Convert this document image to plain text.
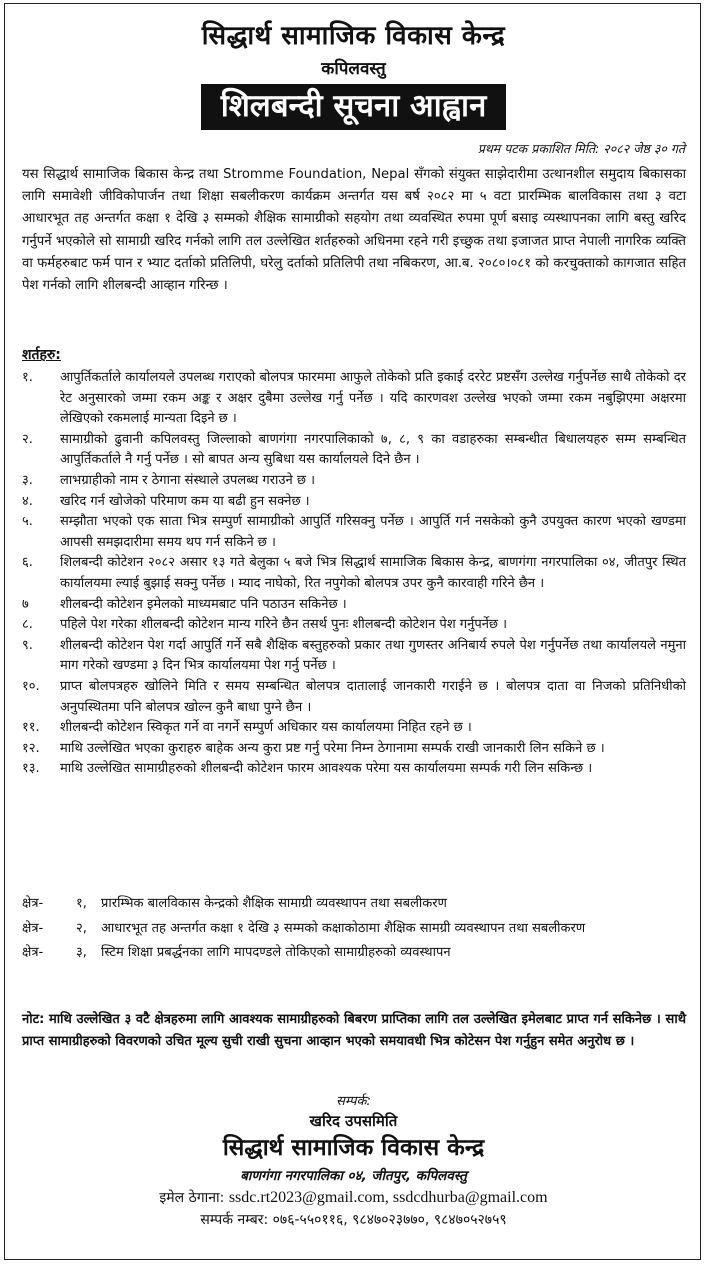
सिद्धार्थ सामाजिक विकास केन्द्र
कपिलवस्तु
शिलबन्दी सूचना आह्वान
प्रथम पटक प्रकाशित मिति: २०८२ जेष्ठ ३० गते
यस सिद्धार्थ सामाजिक बिकास केन्द्र तथा Stromme Foundation, Nepal सँगको संयुक्त साझेदारीमा उत्थानशील समुदाय बिकासका लागि समावेशी जीविकोपार्जन तथा शिक्षा सबलीकरण कार्यक्रम अन्तर्गत यस बर्ष २०८२ मा ५ वटा प्रारम्भिक बालविकास तथा ३ वटा आधारभूत तह अन्तर्गत कक्षा १ देखि ३ सम्मको शैक्षिक सामाग्रीको सहयोग तथा व्यवस्थित रुपमा पूर्ण बसाइ व्यस्थापनका लागि बस्तु खरिद गर्नुपर्ने भएकोले सो सामाग्री खरिद गर्नको लागि तल उल्लेखित शर्तहरुको अधिनमा रहने गरी इच्छुक तथा इजाजत प्राप्त नेपाली नागरिक व्यक्ति वा फर्महरुबाट फर्म पान र भ्याट दर्ताको प्रतिलिपी, घरेलु दर्ताको प्रतिलिपी तथा नबिकरण, आ.ब. २०८०।०८१ को करचुक्ताको कागजात सहित पेश गर्नको लागि शीलबन्दी आव्हान गरिन्छ ।
शर्तहरु:
१.	आपुर्तिकर्ताले कार्यालयले उपलब्ध गराएको बोलपत्र फारममा आफुले तोकेको प्रति इकाई दररेट प्रष्टसँग उल्लेख गर्नुपर्नेछ साथै तोकेको दर रेट अनुसारको जम्मा रकम अङ्क र अक्षर दुबैमा उल्लेख गर्नु पर्नेछ । यदि कारणवश उल्लेख भएको जम्मा रकम नबुझिएमा अक्षरमा लेखिएको रकमलाई मान्यता दिइने छ ।
२.	सामाग्रीको ढुवानी कपिलवस्तु जिल्लाको बाणगंगा नगरपालिकाको ७, ८, ९ का वडाहरुका सम्बन्धीत बिधालयहरु सम्म सम्बन्धित आपुर्तिकर्ताले नै गर्नु पर्नेछ । सो बापत अन्य सुबिधा यस कार्यालयले दिने छैन ।
३.	लाभग्राहीको नाम र ठेगाना संस्थाले उपलब्ध गराउने छ ।
४.	खरिद गर्न खोजेको परिमाण कम या बढी हुन सक्नेछ ।
५.	सम्झौता भएको एक साता भित्र सम्पुर्ण सामाग्रीको आपुर्ति गरिसक्नु पर्नेछ । आपुर्ति गर्न नसकेको कुनै उपयुक्त कारण भएको खण्डमा आपसी समझदारीमा समय थप गर्न सकिने छ ।
६.	शिलबन्दी कोटेशन २०८२ असार १३ गते बेलुका ५ बजे भित्र सिद्धार्थ सामाजिक बिकास केन्द्र, बाणगंगा नगरपालिका ०४, जीतपुर स्थित कार्यालयमा ल्याई बुझाई सक्नु पर्नेछ । म्याद नाघेको, रित नपुगेको बोलपत्र उपर कुनै कारवाही गरिने छैन ।
७	शीलबन्दी कोटेशन इमेलको माध्यमबाट पनि पठाउन सकिनेछ ।
८.	पहिले पेश गरेका शीलबन्दी कोटेशन मान्य गरिने छैन तसर्थ पुनः शीलबन्दी कोटेशन पेश गर्नुपर्नेछ ।
९.	शीलबन्दी कोटेशन पेश गर्दा आपुर्ति गर्ने सबै शैक्षिक बस्तुहरुको प्रकार तथा गुणस्तर अनिबार्य रुपले पेश गर्नुपर्नेछ तथा कार्यालयले नमुना माग गरेको खण्डमा ३ दिन भित्र कार्यालयमा पेश गर्नु पर्नेछ ।
१०.	प्राप्त बोलपत्रहरु खोलिने मिति र समय सम्बन्धित बोलपत्र दातालाई जानकारी गराईने छ । बोलपत्र दाता वा निजको प्रतिनिधीको अनुपस्थितमा पनि बोलपत्र खोल्न कुनै बाधा पुग्ने छैन ।
११.	शीलबन्दी कोटेशन स्विकृत गर्ने वा नगर्ने सम्पुर्ण अधिकार यस कार्यालयमा निहित रहने छ ।
१२.	माथि उल्लेखित भएका कुराहरु बाहेक अन्य कुरा प्रष्ट गर्नु परेमा निम्न ठेगानामा सम्पर्क राखी जानकारी लिन सकिने छ ।
१३.	माथि उल्लेखित सामाग्रीहरुको शीलबन्दी कोटेशन फारम आवश्यक परेमा यस कार्यालयमा सम्पर्क गरी लिन सकिन्छ ।
क्षेत्र-	१,	प्रारम्भिक बालविकास केन्द्रको शैक्षिक सामाग्री व्यवस्थापन तथा सबलीकरण
क्षेत्र-	२,	आधारभूत तह अन्तर्गत कक्षा १ देखि ३ सम्मको कक्षाकोठामा शैक्षिक सामग्री व्यवस्थापन तथा सबलीकरण
क्षेत्र-	३,	स्टिम शिक्षा प्रबर्द्धनका लागि मापदण्डले तोकिएको सामाग्रीहरुको व्यवस्थापन
नोट: माथि उल्लेखित ३ वटै क्षेत्रहरुमा लागि आवश्यक सामाग्रीहरुको बिबरण प्राप्तिका लागि तल उल्लेखित इमेलबाट प्राप्त गर्न सकिनेछ । साथै प्राप्त सामाग्रीहरुको विवरणको उचित मूल्य सुची राखी सुचना आव्हान भएको समयावधी भित्र कोटेसन पेश गर्नुहुन समेत अनुरोध छ ।
सम्पर्क:
खरिद उपसमिति
सिद्धार्थ सामाजिक विकास केन्द्र
बाणगंगा नगरपालिका ०४, जीतपुर, कपिलवस्तु
इमेल ठेगाना: ssdc.rt2023@gmail.com, ssdcdhurba@gmail.com
सम्पर्क नम्बर: ०७६-५५०११६, ९८४७०२३७७०, ९८४७०५२७५९
